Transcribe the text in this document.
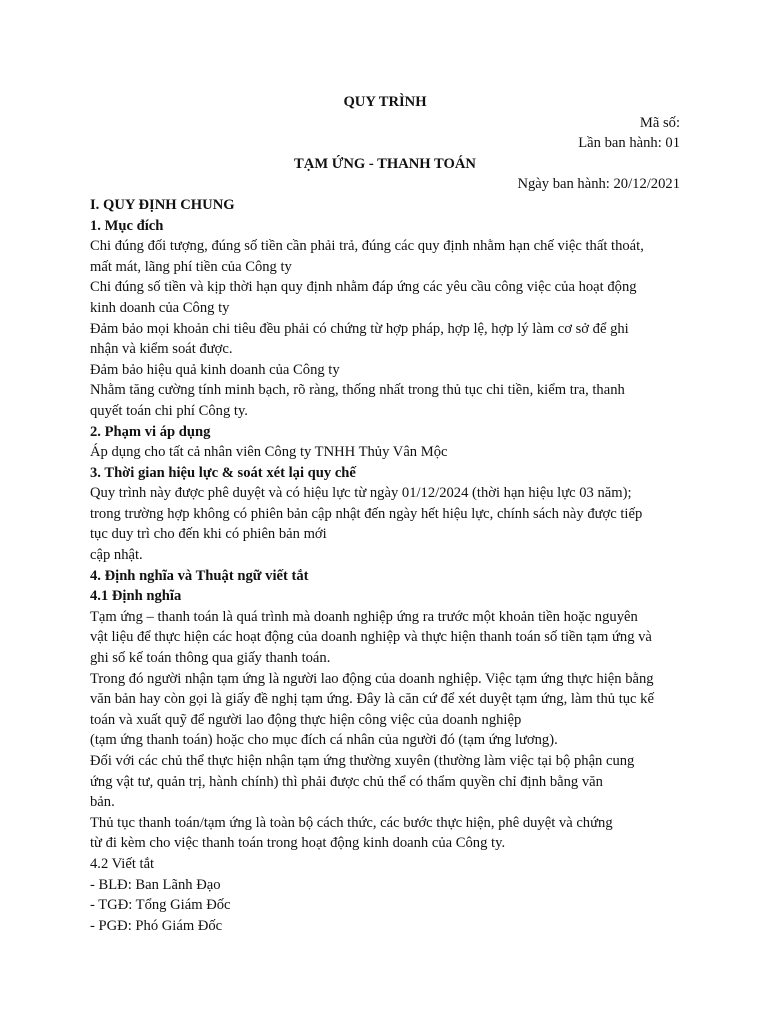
QUY TRÌNH
Mã số:
Lần ban hành: 01
TẠM ỨNG - THANH TOÁN
Ngày ban hành: 20/12/2021
I. QUY ĐỊNH CHUNG
1. Mục đích
Chi đúng đối tượng, đúng số tiền cần phải trả, đúng các quy định nhằm hạn chế việc thất thoát,
mất mát, lãng phí tiền của Công ty
Chi đúng số tiền và kịp thời hạn quy định nhằm đáp ứng các yêu cầu công việc của hoạt động
kinh doanh của Công ty
Đảm bảo mọi khoản chi tiêu đều phải có chứng từ hợp pháp, hợp lệ, hợp lý làm cơ sở để ghi
nhận và kiểm soát được.
Đảm bảo hiệu quả kinh doanh của Công ty
Nhằm tăng cường tính minh bạch, rõ ràng, thống nhất trong thủ tục chi tiền, kiểm tra, thanh
quyết toán chi phí Công ty.
2. Phạm vi áp dụng
Áp dụng cho tất cả nhân viên Công ty TNHH Thủy Vân Mộc
3. Thời gian hiệu lực & soát xét lại quy chế
Quy trình này được phê duyệt và có hiệu lực từ ngày 01/12/2024 (thời hạn hiệu lực 03 năm);
trong trường hợp không có phiên bản cập nhật đến ngày hết hiệu lực, chính sách này được tiếp
tục duy trì cho đến khi có phiên bản mới
cập nhật.
4. Định nghĩa và Thuật ngữ viết tắt
4.1 Định nghĩa
Tạm ứng – thanh toán là quá trình mà doanh nghiệp ứng ra trước một khoản tiền hoặc nguyên
vật liệu để thực hiện các hoạt động của doanh nghiệp và thực hiện thanh toán số tiền tạm ứng và
ghi số kế toán thông qua giấy thanh toán.
Trong đó người nhận tạm ứng là người lao động của doanh nghiệp. Việc tạm ứng thực hiện bằng
văn bản hay còn gọi là giấy đề nghị tạm ứng. Đây là căn cứ để xét duyệt tạm ứng, làm thủ tục kế
toán và xuất quỹ để người lao động thực hiện công việc của doanh nghiệp
(tạm ứng thanh toán) hoặc cho mục đích cá nhân của người đó (tạm ứng lương).
Đối với các chủ thể thực hiện nhận tạm ứng thường xuyên (thường làm việc tại bộ phận cung
ứng vật tư, quản trị, hành chính) thì phải được chủ thể có thẩm quyền chỉ định bằng văn
bản.
Thủ tục thanh toán/tạm ứng là toàn bộ cách thức, các bước thực hiện, phê duyệt và chứng
từ đi kèm cho việc thanh toán trong hoạt động kinh doanh của Công ty.
4.2 Viết tắt
- BLĐ: Ban Lãnh Đạo
- TGĐ: Tổng Giám Đốc
- PGĐ: Phó Giám Đốc
